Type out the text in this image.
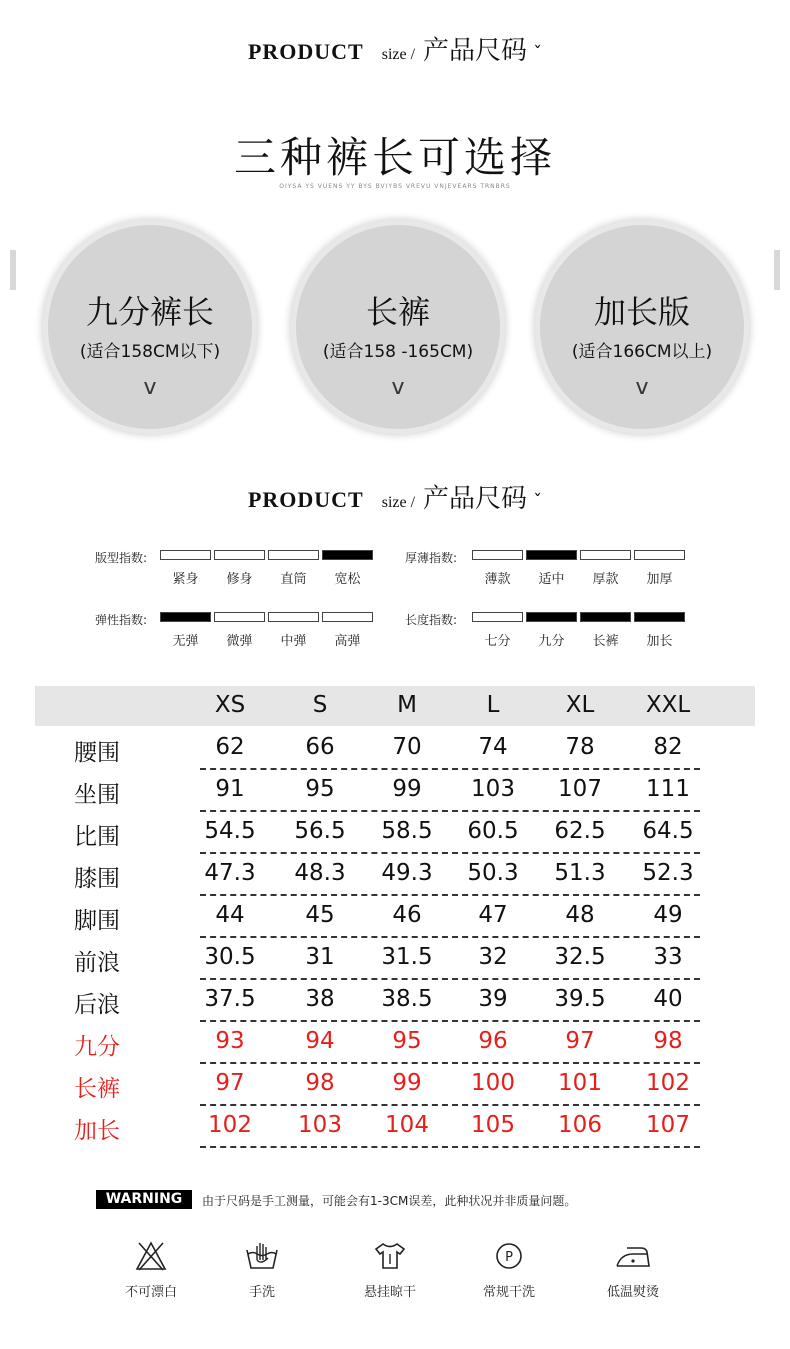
PRODUCT size / 产品尺码 ˇ
三种裤长可选择
OIYSA YS VUENS YY BYS BVIYBS VREVU VNJEVEARS TRNBRS
九分裤长
(适合158CM以下)
v
长裤
(适合158 -165CM)
v
加长版
(适合166CM以上)
v
PRODUCT size / 产品尺码 ˇ
版型指数:
紧身	修身	直筒	宽松
厚薄指数:
薄款	适中	厚款	加厚
弹性指数:
无弹	微弹	中弹	高弹
长度指数:
七分	九分	长裤	加长
XS	S	M	L	XL	XXL
腰围	62	66	70	74	78	82
坐围	91	95	99	103	107	111
比围	54.5	56.5	58.5	60.5	62.5	64.5
膝围	47.3	48.3	49.3	50.3	51.3	52.3
脚围	44	45	46	47	48	49
前浪	30.5	31	31.5	32	32.5	33
后浪	37.5	38	38.5	39	39.5	40
九分	93	94	95	96	97	98
长裤	97	98	99	100	101	102
加长	102	103	104	105	106	107
WARNING	由于尺码是手工测量，可能会有1-3CM误差，此种状况并非质量问题。
不可漂白	手洗	悬挂晾干
P
常规干洗	低温熨烫
